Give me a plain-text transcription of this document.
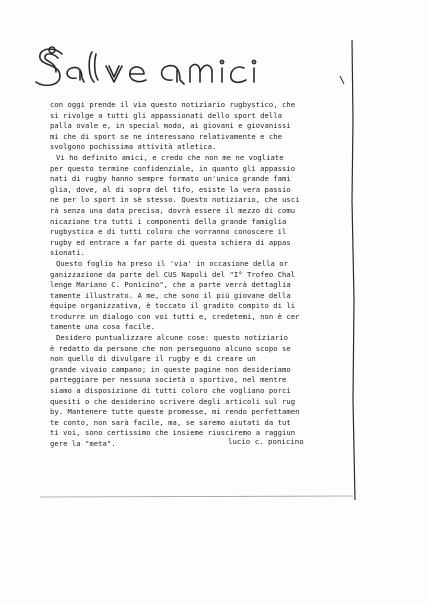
con oggi prende il via questo notiziario rugbystico, che
si rivolge a tutti gli appassionati dello sport della
palla ovale e, in special modo, ai giovani e giovanissi
mi che di sport se ne interessano relativamente e che
svolgono pochissima attività atletica.
Vi ho definito amici, e credo che non me ne vogliate
per questo termine confidenziale, in quanto gli appassio
nati di rugby hanno sempre formato un'unica grande fami
glia, dove, al di sopra del tifo, esiste la vera passio
ne per lo sport in sè stesso. Questo notiziario, che usci
rà senza una data precisa, dovrà essere il mezzo di comu
nicazione tra tutti i componenti della grande famiglia
rugbystica e di tutti coloro che vorranno conoscere il
rugby ed entrare a far parte di questa schiera di appas
sionati.
Questo foglio ha preso il 'via' in occasione della or
ganizzazione da parte del CUS Napoli del "I° Trofeo Chal
lenge Mariano C. Ponicino", che a parte verrà dettaglia
tamente illustrato. A me, che sono il più giovane della
équipe organizzativa, è toccato il gradito compito di li
trodurre un dialogo con voi tutti e, credetemi, non è cer
tamente una cosa facile.
Desidero puntualizzare alcune cose: questo notiziario
è redatto da persone che non perseguono alcuno scopo se
non quello di divulgare il rugby e di creare un
grande vivaio campano; in queste pagine non desideriamo
parteggiare per nessuna società o sportivo, nel mentre
siamo a disposizione di tutti coloro che vogliano porci
quesiti o che desiderino scrivere degli articoli sul rug
by. Mantenere tutte queste promesse, mi rendo perfettamen
te conto, non sarà facile, ma, se saremo aiutati da tut
ti voi, sono certissimo che insieme riusciremo a raggiun
gere la "meta".	lucio c. ponicino
